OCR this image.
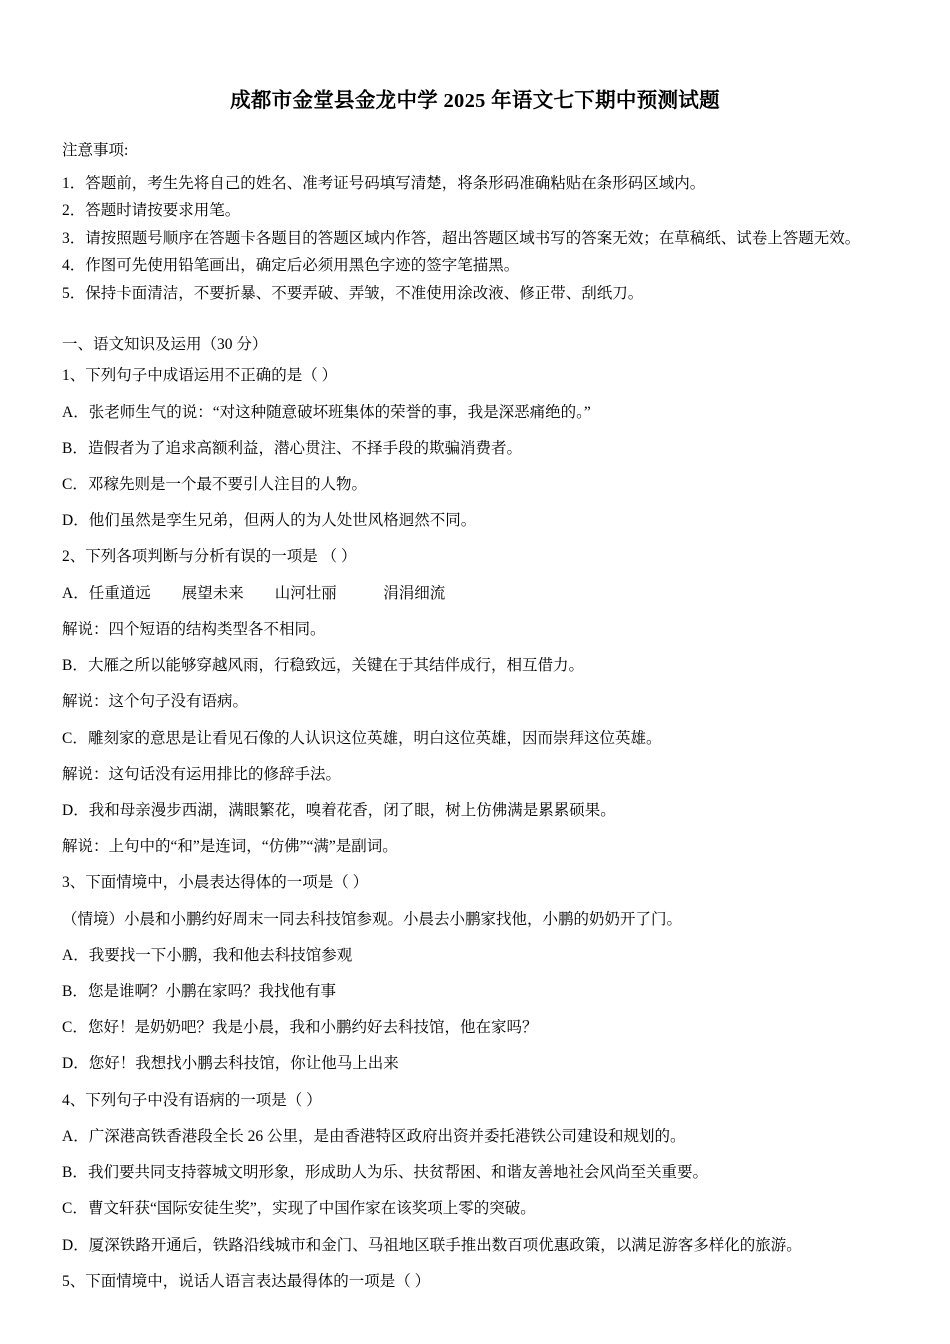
成都市金堂县金龙中学 2025 年语文七下期中预测试题
注意事项:
1．答题前，考生先将自己的姓名、准考证号码填写清楚，将条形码准确粘贴在条形码区域内。
2．答题时请按要求用笔。
3．请按照题号顺序在答题卡各题目的答题区域内作答，超出答题区域书写的答案无效；在草稿纸、试卷上答题无效。
4．作图可先使用铅笔画出，确定后必须用黑色字迹的签字笔描黑。
5．保持卡面清洁，不要折暴、不要弄破、弄皱，不准使用涂改液、修正带、刮纸刀。
一、语文知识及运用（30 分）

1、下列句子中成语运用不正确的是（ ）

A．张老师生气的说：“对这种随意破坏班集体的荣誉的事，我是深恶痛绝的。”

B．造假者为了追求高额利益，潜心贯注、不择手段的欺骗消费者。

C．邓稼先则是一个最不要引人注目的人物。

D．他们虽然是孪生兄弟，但两人的为人处世风格迥然不同。

2、下列各项判断与分析有误的一项是 （ ）

A．任重道远　　展望未来　　山河壮丽　　　涓涓细流

解说：四个短语的结构类型各不相同。

B．大雁之所以能够穿越风雨，行稳致远，关键在于其结伴成行，相互借力。

解说：这个句子没有语病。

C．雕刻家的意思是让看见石像的人认识这位英雄，明白这位英雄，因而崇拜这位英雄。

解说：这句话没有运用排比的修辞手法。

D．我和母亲漫步西湖，满眼繁花，嗅着花香，闭了眼，树上仿佛满是累累硕果。

解说：上句中的“和”是连词，“仿佛”“满”是副词。

3、下面情境中，小晨表达得体的一项是（ ）

（情境）小晨和小鹏约好周末一同去科技馆参观。小晨去小鹏家找他，小鹏的奶奶开了门。

A．我要找一下小鹏，我和他去科技馆参观

B．您是谁啊？小鹏在家吗？我找他有事

C．您好！是奶奶吧？我是小晨，我和小鹏约好去科技馆，他在家吗？

D．您好！我想找小鹏去科技馆，你让他马上出来

4、下列句子中没有语病的一项是（ ）

A．广深港高铁香港段全长 26 公里，是由香港特区政府出资并委托港铁公司建设和规划的。

B．我们要共同支持蓉城文明形象，形成助人为乐、扶贫帮困、和谐友善地社会风尚至关重要。

C．曹文轩获“国际安徒生奖”，实现了中国作家在该奖项上零的突破。

D．厦深铁路开通后，铁路沿线城市和金门、马祖地区联手推出数百项优惠政策，以满足游客多样化的旅游。

5、下面情境中，说话人语言表达最得体的一项是（ ）
